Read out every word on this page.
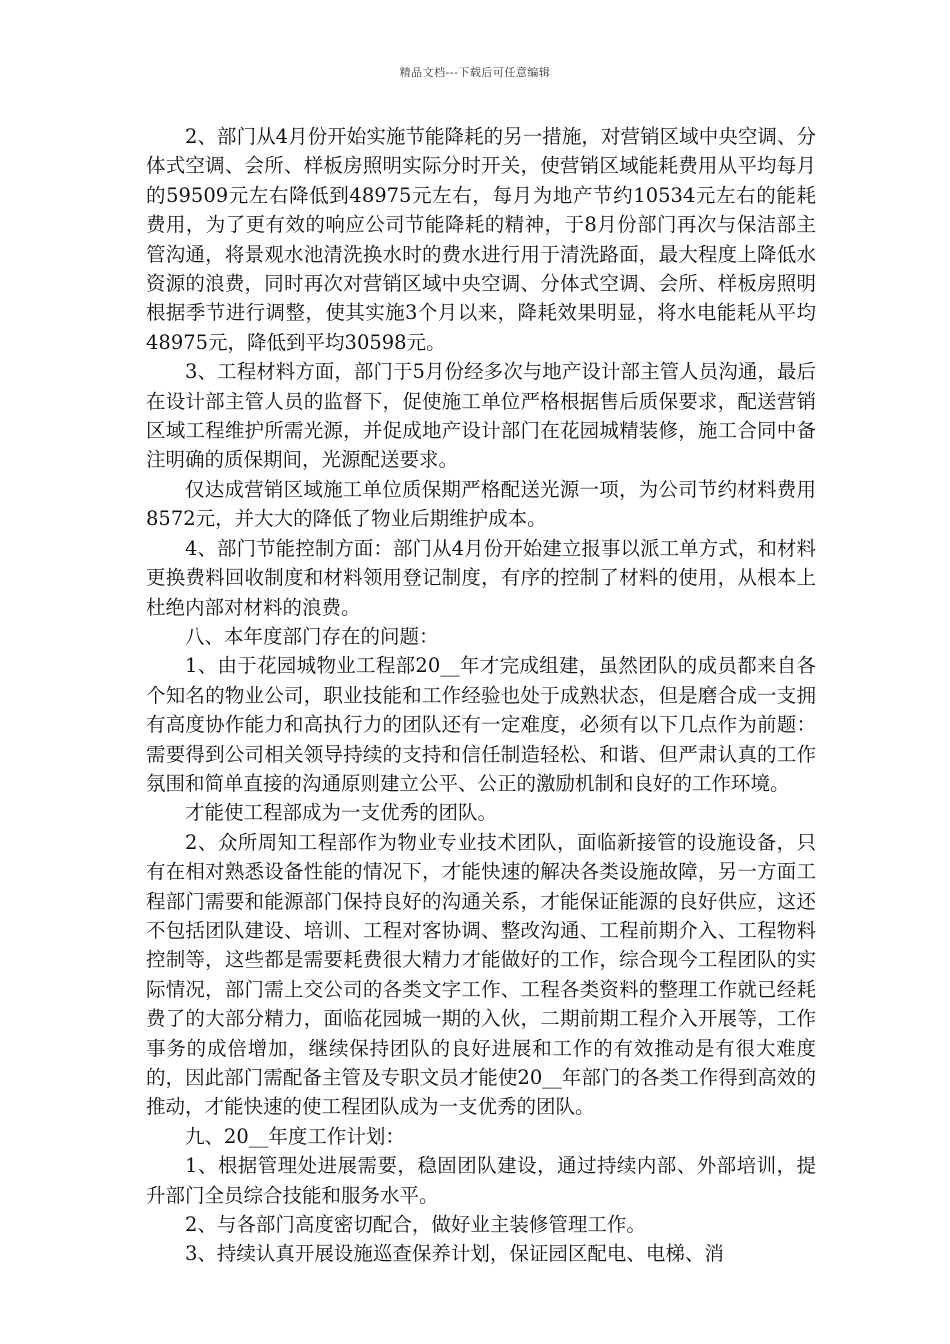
精品文档---下载后可任意编辑

2、部门从4月份开始实施节能降耗的另一措施，对营销区域中央空调、分体式空调、会所、样板房照明实际分时开关，使营销区域能耗费用从平均每月的59509元左右降低到48975元左右，每月为地产节约10534元左右的能耗费用，为了更有效的响应公司节能降耗的精神，于8月份部门再次与保洁部主管沟通，将景观水池清洗换水时的费水进行用于清洗路面，最大程度上降低水资源的浪费，同时再次对营销区域中央空调、分体式空调、会所、样板房照明根据季节进行调整，使其实施3个月以来，降耗效果明显，将水电能耗从平均48975元，降低到平均30598元。

3、工程材料方面，部门于5月份经多次与地产设计部主管人员沟通，最后在设计部主管人员的监督下，促使施工单位严格根据售后质保要求，配送营销区域工程维护所需光源，并促成地产设计部门在花园城精装修，施工合同中备注明确的质保期间，光源配送要求。

仅达成营销区域施工单位质保期严格配送光源一项，为公司节约材料费用8572元，并大大的降低了物业后期维护成本。

4、部门节能控制方面：部门从4月份开始建立报事以派工单方式，和材料更换费料回收制度和材料领用登记制度，有序的控制了材料的使用，从根本上杜绝内部对材料的浪费。

八、本年度部门存在的问题：

1、由于花园城物业工程部20__年才完成组建，虽然团队的成员都来自各个知名的物业公司，职业技能和工作经验也处于成熟状态，但是磨合成一支拥有高度协作能力和高执行力的团队还有一定难度，必须有以下几点作为前题：需要得到公司相关领导持续的支持和信任制造轻松、和谐、但严肃认真的工作氛围和简单直接的沟通原则建立公平、公正的激励机制和良好的工作环境。

才能使工程部成为一支优秀的团队。

2、众所周知工程部作为物业专业技术团队，面临新接管的设施设备，只有在相对熟悉设备性能的情况下，才能快速的解决各类设施故障，另一方面工程部门需要和能源部门保持良好的沟通关系，才能保证能源的良好供应，这还不包括团队建设、培训、工程对客协调、整改沟通、工程前期介入、工程物料控制等，这些都是需要耗费很大精力才能做好的工作，综合现今工程团队的实际情况，部门需上交公司的各类文字工作、工程各类资料的整理工作就已经耗费了的大部分精力，面临花园城一期的入伙，二期前期工程介入开展等，工作事务的成倍增加，继续保持团队的良好进展和工作的有效推动是有很大难度的，因此部门需配备主管及专职文员才能使20__年部门的各类工作得到高效的推动，才能快速的使工程团队成为一支优秀的团队。

九、20__年度工作计划：

1、根据管理处进展需要，稳固团队建设，通过持续内部、外部培训，提升部门全员综合技能和服务水平。

2、与各部门高度密切配合，做好业主装修管理工作。

3、持续认真开展设施巡查保养计划，保证园区配电、电梯、消
